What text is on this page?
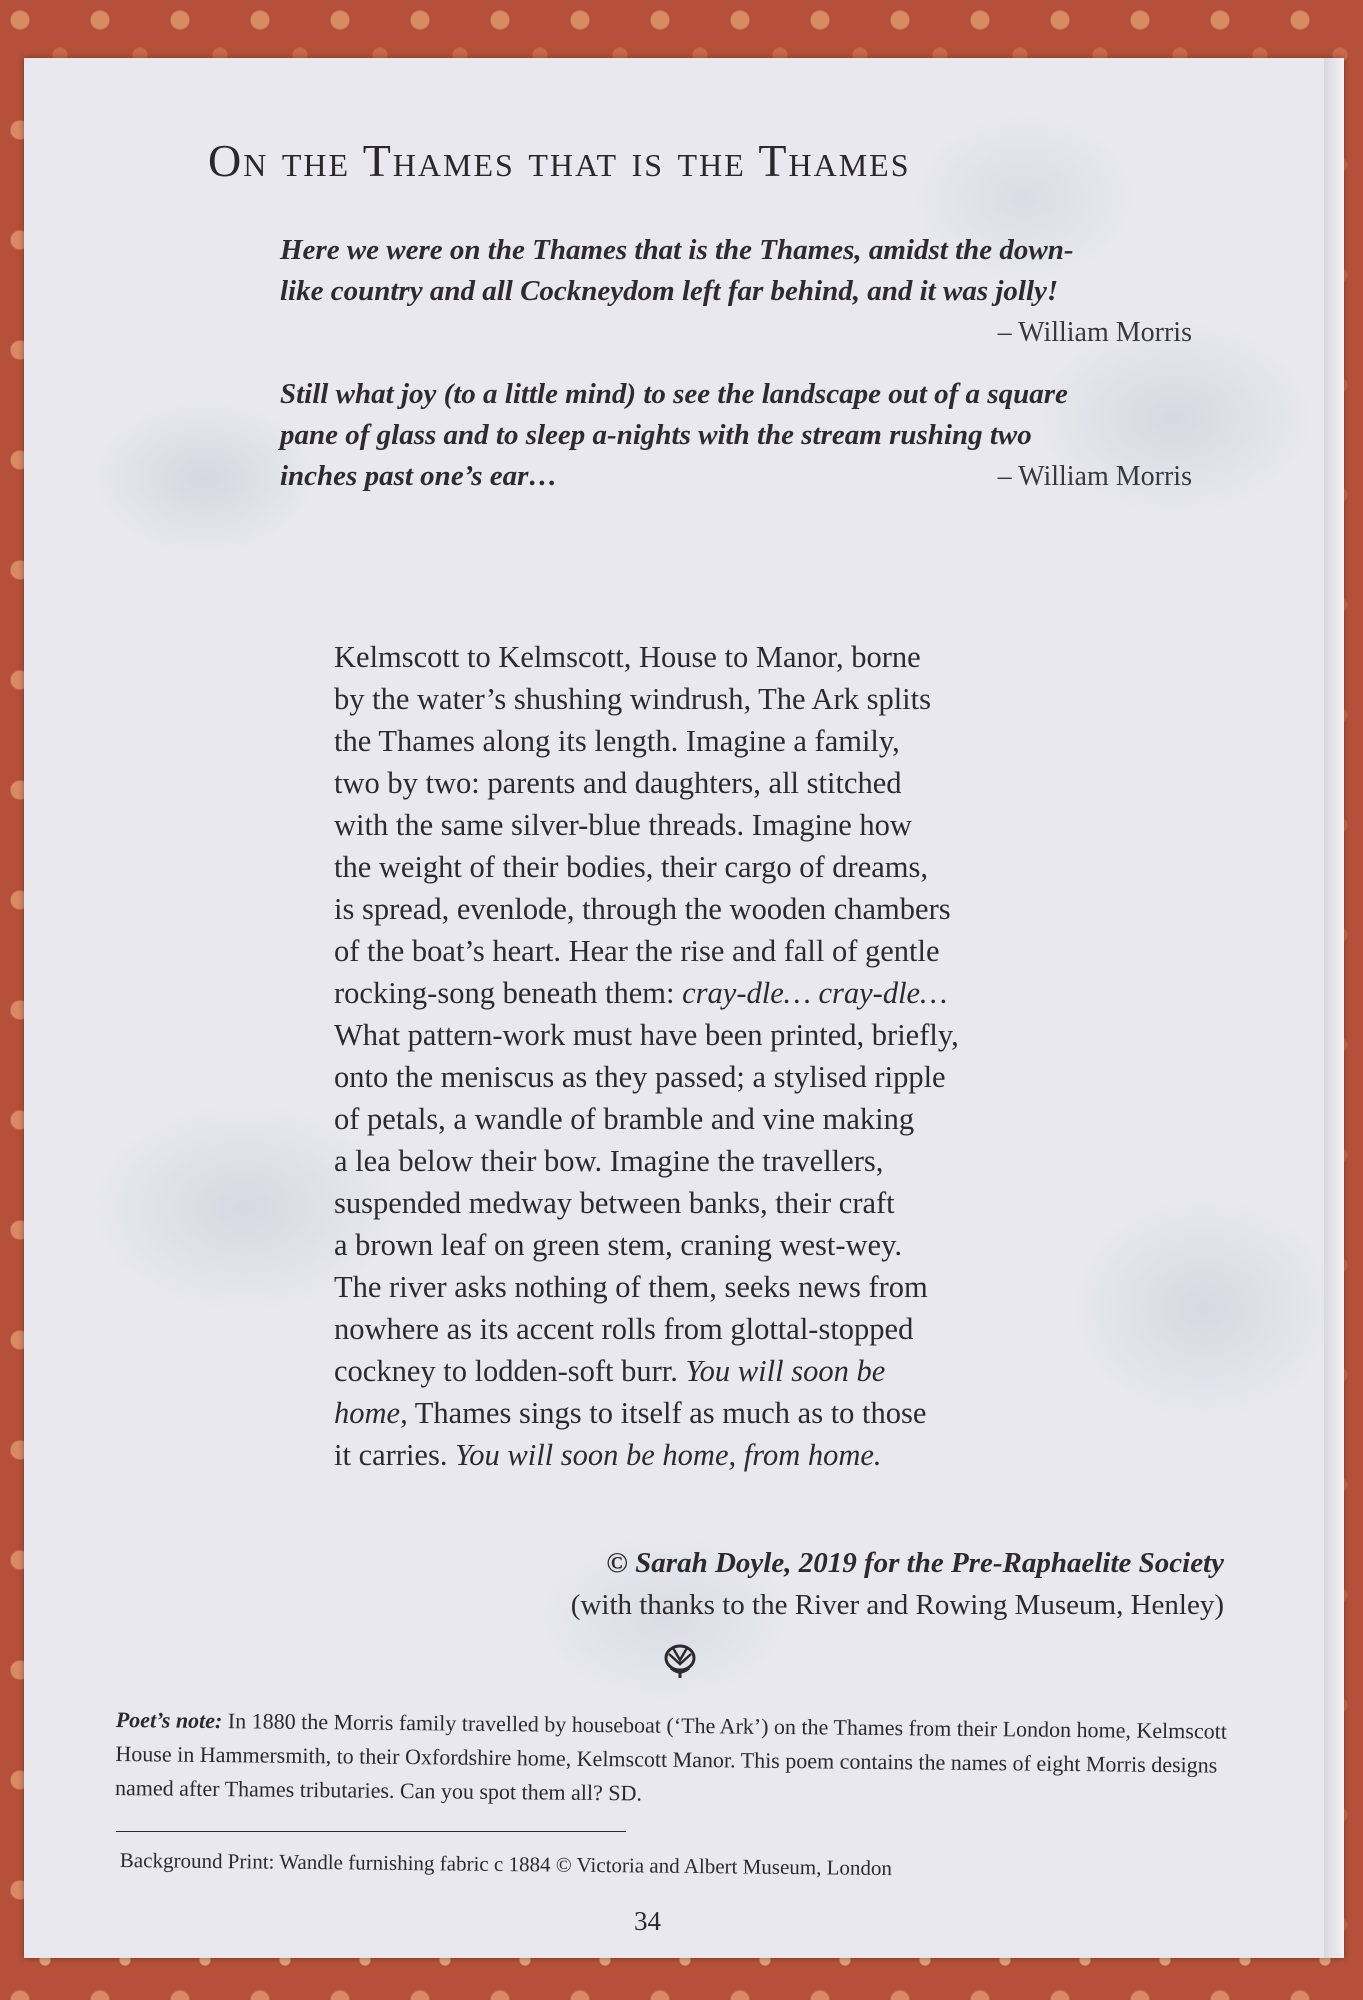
On the Thames that is the Thames
Here we were on the Thames that is the Thames, amidst the down-
like country and all Cockneydom left far behind, and it was jolly!
– William Morris
Still what joy (to a little mind) to see the landscape out of a square
pane of glass and to sleep a-nights with the stream rushing two
inches past one’s ear…	– William Morris
Kelmscott to Kelmscott, House to Manor, borne
by the water’s shushing windrush, The Ark splits
the Thames along its length. Imagine a family,
two by two: parents and daughters, all stitched
with the same silver-blue threads. Imagine how
the weight of their bodies, their cargo of dreams,
is spread, evenlode, through the wooden chambers
of the boat’s heart. Hear the rise and fall of gentle
rocking-song beneath them: cray-dle… cray-dle…
What pattern-work must have been printed, briefly,
onto the meniscus as they passed; a stylised ripple
of petals, a wandle of bramble and vine making
a lea below their bow. Imagine the travellers,
suspended medway between banks, their craft
a brown leaf on green stem, craning west-wey.
The river asks nothing of them, seeks news from
nowhere as its accent rolls from glottal-stopped
cockney to lodden-soft burr. You will soon be
home, Thames sings to itself as much as to those
it carries. You will soon be home, from home.
© Sarah Doyle, 2019 for the Pre-Raphaelite Society
(with thanks to the River and Rowing Museum, Henley)
Poet’s note: In 1880 the Morris family travelled by houseboat (‘The Ark’) on the Thames from their London home, Kelmscott House in Hammersmith, to their Oxfordshire home, Kelmscott Manor. This poem contains the names of eight Morris designs named after Thames tributaries. Can you spot them all? SD.
Background Print: Wandle furnishing fabric c 1884 © Victoria and Albert Museum, London
34
